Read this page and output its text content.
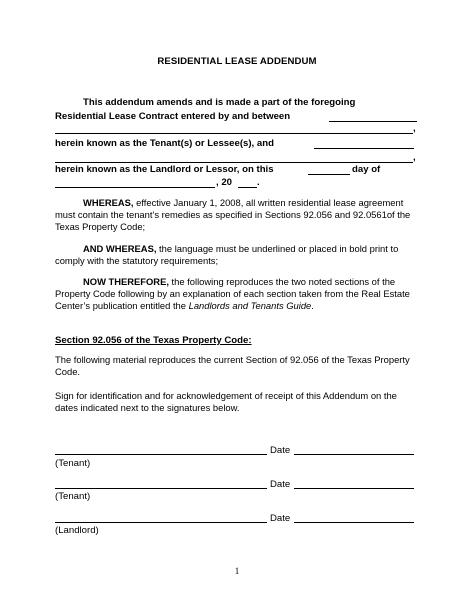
RESIDENTIAL LEASE ADDENDUM
This addendum amends and is made a part of the foregoing
Residential Lease Contract entered by and between
,
herein known as the Tenant(s) or Lessee(s), and
,
herein known as the Landlord or Lessor, on this	day of
, 20	.
WHEREAS, effective January 1, 2008, all written residential lease agreement must contain the tenant’s remedies as specified in Sections 92.056 and 92.0561of the Texas Property Code;
AND WHEREAS, the language must be underlined or placed in bold print to comply with the statutory requirements;
NOW THEREFORE, the following reproduces the two noted sections of the Property Code following by an explanation of each section taken from the Real Estate Center’s publication entitled the Landlords and Tenants Guide.
Section 92.056 of the Texas Property Code:
The following material reproduces the current Section of 92.056 of the Texas Property Code.
Sign for identification and for acknowledgement of receipt of this Addendum on the dates indicated next to the signatures below.
Date
(Tenant)
Date
(Tenant)
Date
(Landlord)
1
